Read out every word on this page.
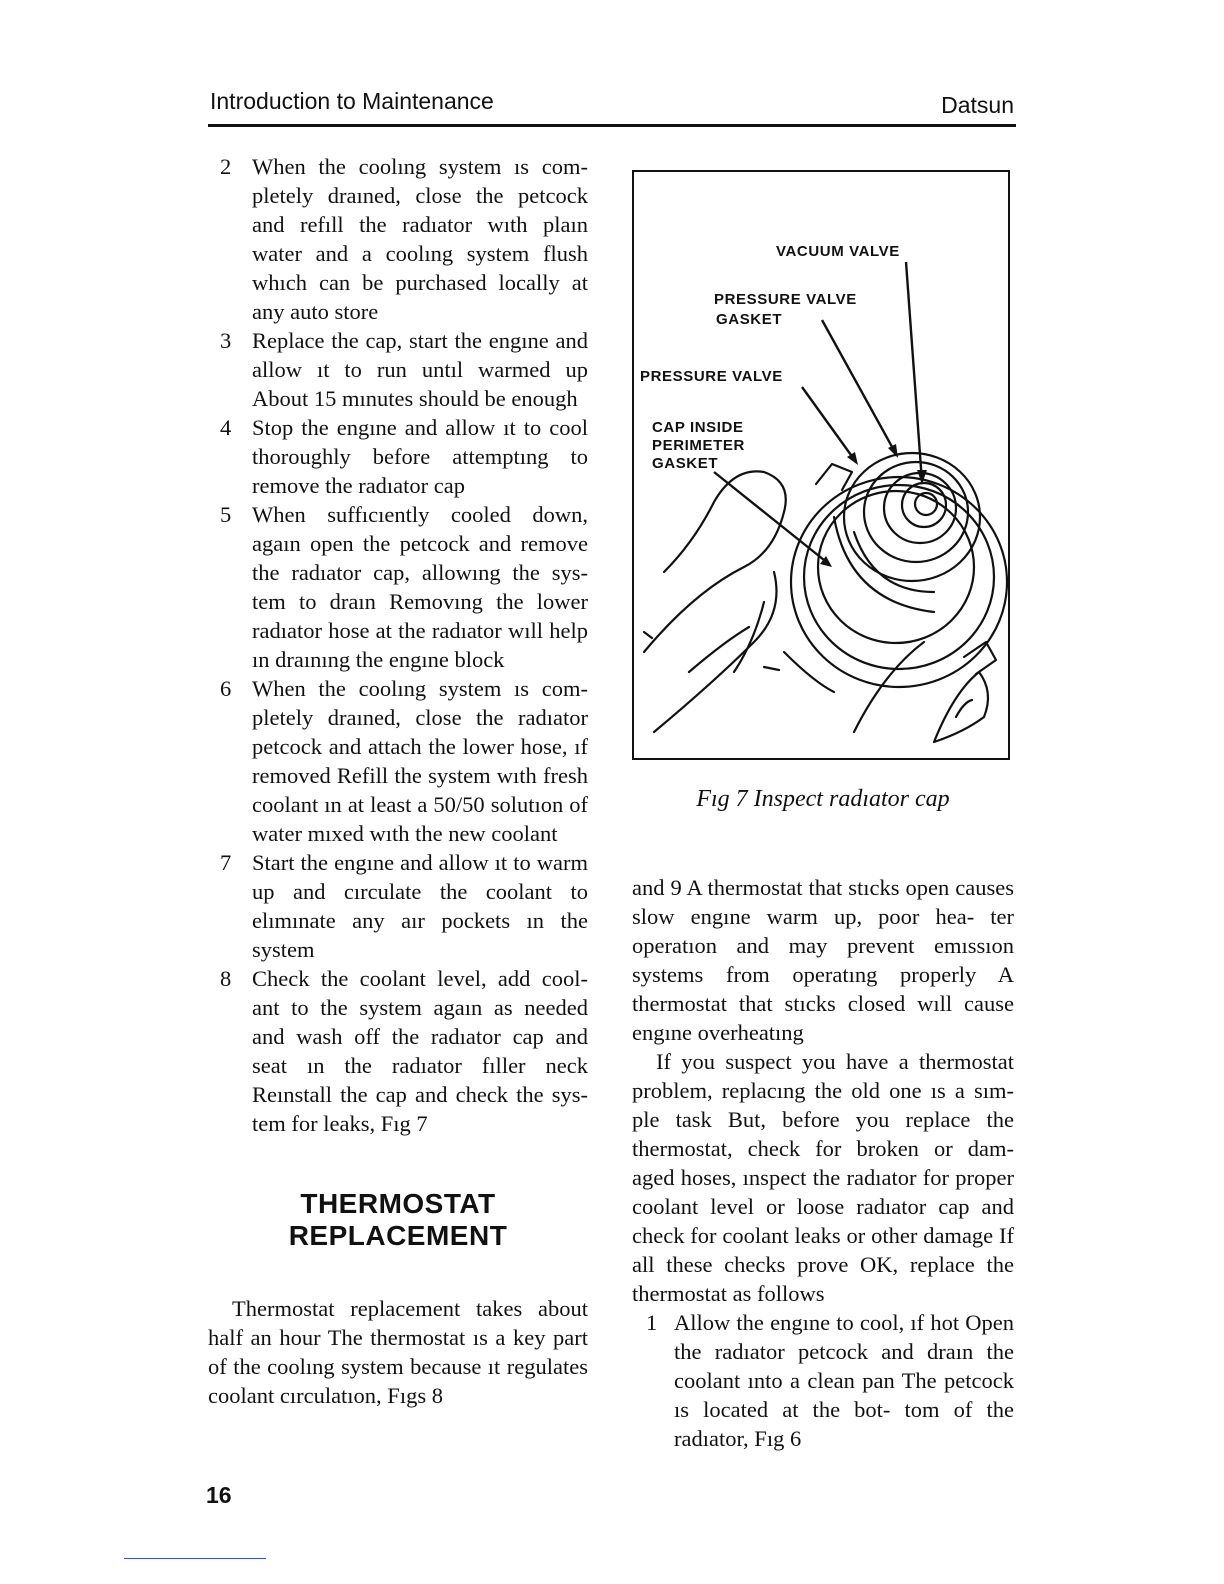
Introduction to Maintenance	Datsun
2 When the coolıng system ıs com- pletely draıned, close the petcock and refıll the radıator wıth plaın water and a coolıng system flush whıch can be purchased locally at any auto store
3 Replace the cap, start the engıne and allow ıt to run untıl warmed up About 15 mınutes should be enough
4 Stop the engıne and allow ıt to cool thoroughly before attemptıng to remove the radıator cap
5 When suffıcıently cooled down, agaın open the petcock and remove the radıator cap, allowıng the sys- tem to draın Removıng the lower radıator hose at the radıator wıll help ın draınıng the engıne block
6 When the coolıng system ıs com- pletely draıned, close the radıator petcock and attach the lower hose, ıf removed Refill the system wıth fresh coolant ın at least a 50/50 solutıon of water mıxed wıth the new coolant
7 Start the engıne and allow ıt to warm up and cırculate the coolant to elımınate any aır pockets ın the system
8 Check the coolant level, add cool- ant to the system agaın as needed and wash off the radıator cap and seat ın the radıator fıller neck Reınstall the cap and check the sys- tem for leaks, Fıg 7
THERMOSTAT
REPLACEMENT

Thermostat replacement takes about half an hour The thermostat ıs a key part of the coolıng system because ıt regulates coolant cırculatıon, Fıgs 8

VACUUM VALVE
PRESSURE VALVE
GASKET
PRESSURE VALVE
CAP INSIDE
PERIMETER
GASKET
Fıg 7 Inspect radıator cap

and 9 A thermostat that stıcks open causes slow engıne warm up, poor hea- ter operatıon and may prevent emıssıon systems from operatıng properly A thermostat that stıcks closed wıll cause engıne overheatıng

If you suspect you have a thermostat problem, replacıng the old one ıs a sım- ple task But, before you replace the thermostat, check for broken or dam- aged hoses, ınspect the radıator for proper coolant level or loose radıator cap and check for coolant leaks or other damage If all these checks prove OK, replace the thermostat as follows

1 Allow the engıne to cool, ıf hot Open the radıator petcock and draın the coolant ınto a clean pan The petcock ıs located at the bot- tom of the radıator, Fıg 6
16
